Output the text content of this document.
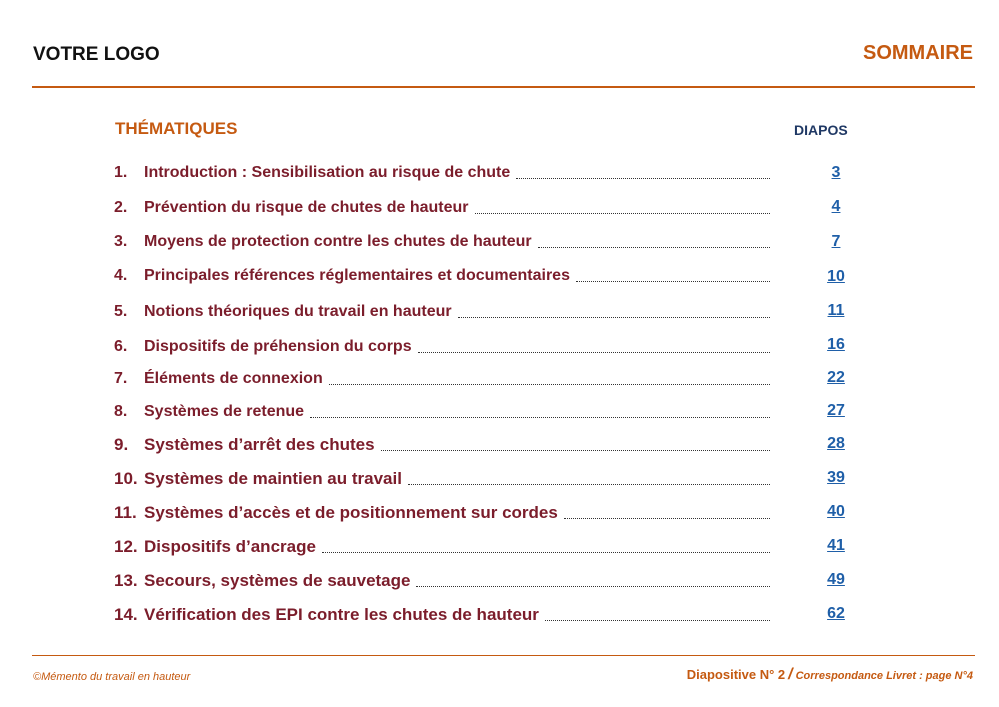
VOTRE LOGO	SOMMAIRE
THÉMATIQUES	DIAPOS
1.	Introduction : Sensibilisation au risque de chute	3
2.	Prévention du risque de chutes de hauteur	4
3.	Moyens de protection contre les chutes de hauteur	7
4.	Principales références réglementaires et documentaires	10
5.	Notions théoriques du travail en hauteur	11
6.	Dispositifs de préhension du corps	16
7.	Éléments de connexion	22
8.	Systèmes de retenue	27
9. Systèmes d’arrêt des chutes	28
10. Systèmes de maintien au travail	39
11. Systèmes d’accès et de positionnement sur cordes	40
12. Dispositifs d’ancrage	41
13. Secours, systèmes de sauvetage	49
14. Vérification des EPI contre les chutes de hauteur	62
©Mémento du travail en hauteur	Diapositive N° 2 / Correspondance Livret : page N°4
